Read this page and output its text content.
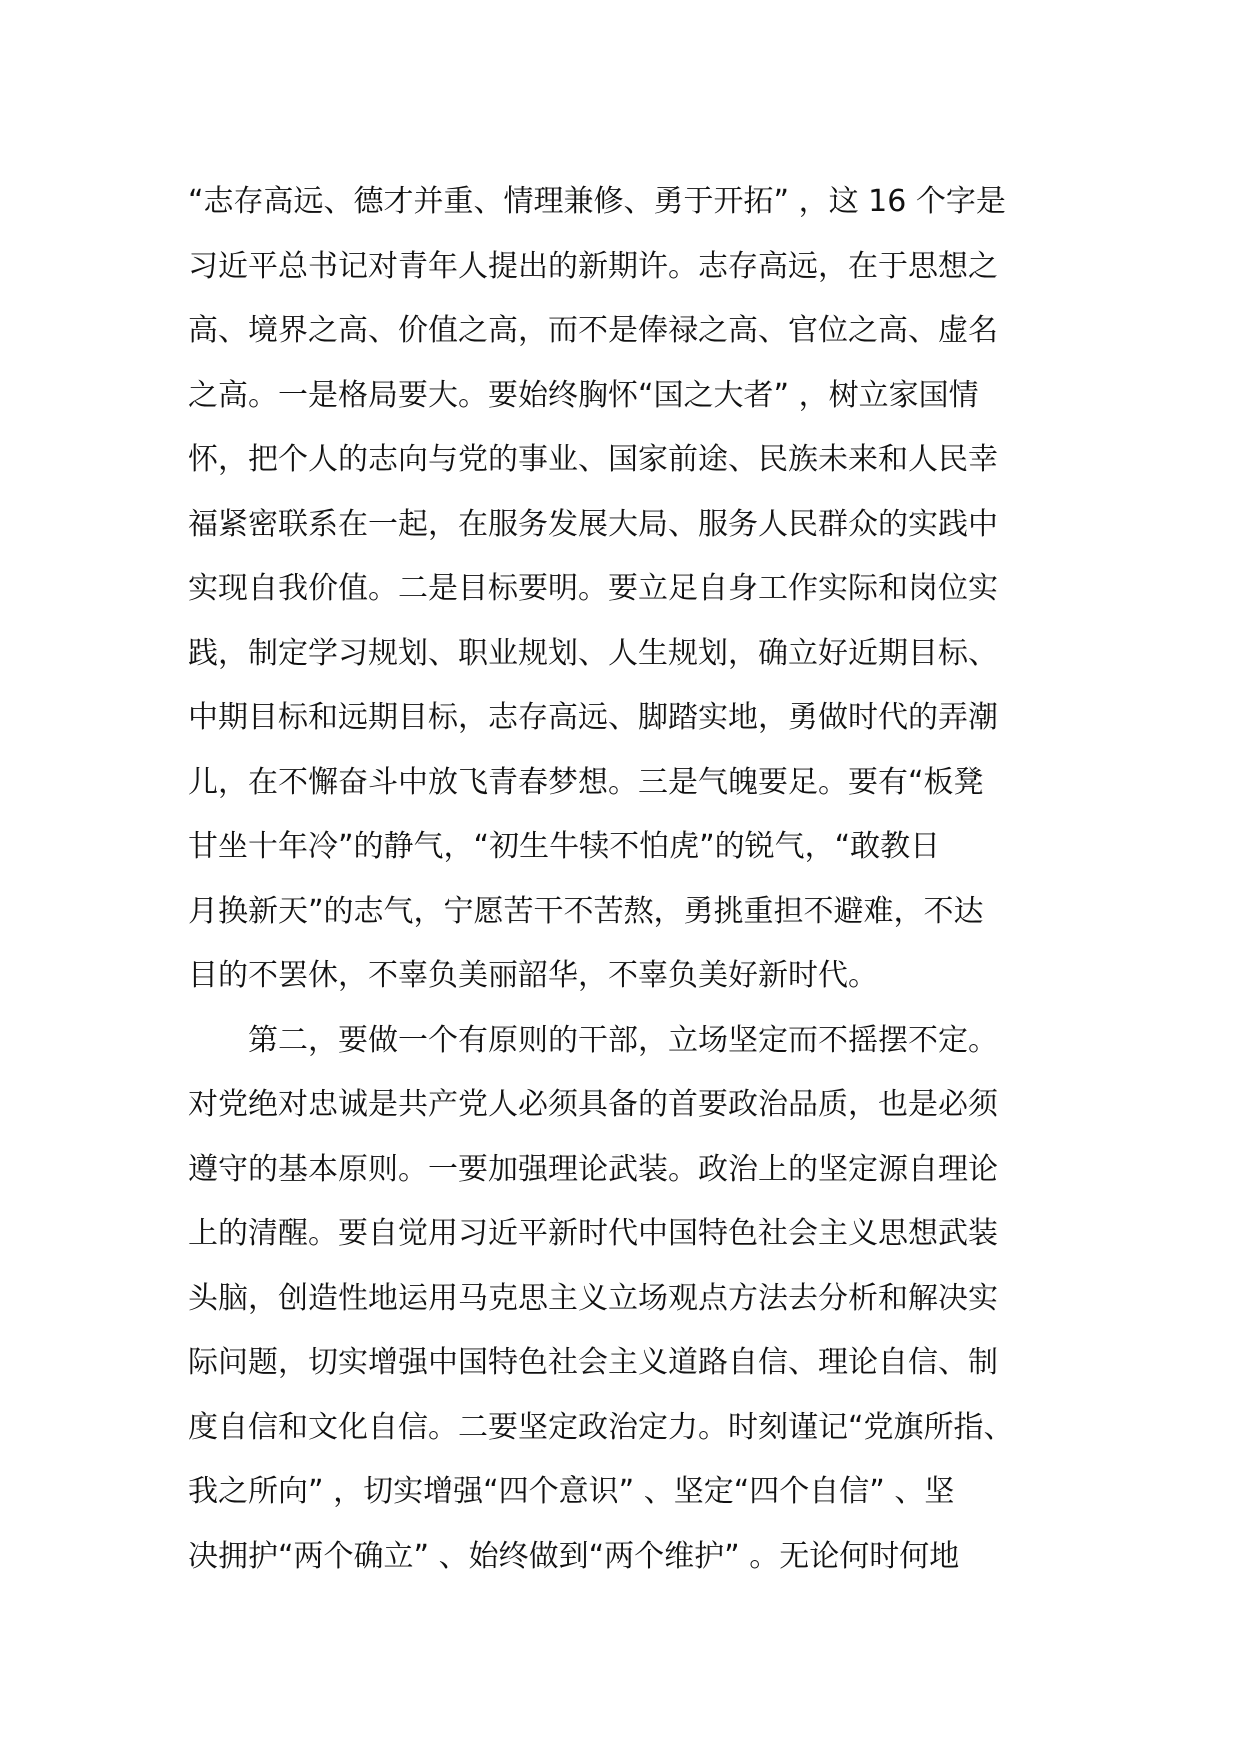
“志存高远、德才并重、情理兼修、勇于开拓” ，这 16 个字是
习近平总书记对青年人提出的新期许。志存高远，在于思想之
高、境界之高、价值之高，而不是俸禄之高、官位之高、虚名
之高。一是格局要大。要始终胸怀“国之大者” ，树立家国情
怀，把个人的志向与党的事业、国家前途、民族未来和人民幸
福紧密联系在一起，在服务发展大局、服务人民群众的实践中
实现自我价值。二是目标要明。要立足自身工作实际和岗位实
践，制定学习规划、职业规划、人生规划，确立好近期目标、
中期目标和远期目标，志存高远、脚踏实地，勇做时代的弄潮
儿，在不懈奋斗中放飞青春梦想。三是气魄要足。要有“板凳
甘坐十年冷”的静气，“初生牛犊不怕虎”的锐气，“敢教日
月换新天”的志气，宁愿苦干不苦熬，勇挑重担不避难，不达
目的不罢休，不辜负美丽韶华，不辜负美好新时代。
第二，要做一个有原则的干部，立场坚定而不摇摆不定。
对党绝对忠诚是共产党人必须具备的首要政治品质，也是必须
遵守的基本原则。一要加强理论武装。政治上的坚定源自理论
上的清醒。要自觉用习近平新时代中国特色社会主义思想武装
头脑，创造性地运用马克思主义立场观点方法去分析和解决实
际问题，切实增强中国特色社会主义道路自信、理论自信、制
度自信和文化自信。二要坚定政治定力。时刻谨记“党旗所指、
我之所向” ，切实增强“四个意识” 、坚定“四个自信” 、坚
决拥护“两个确立” 、始终做到“两个维护” 。无论何时何地
